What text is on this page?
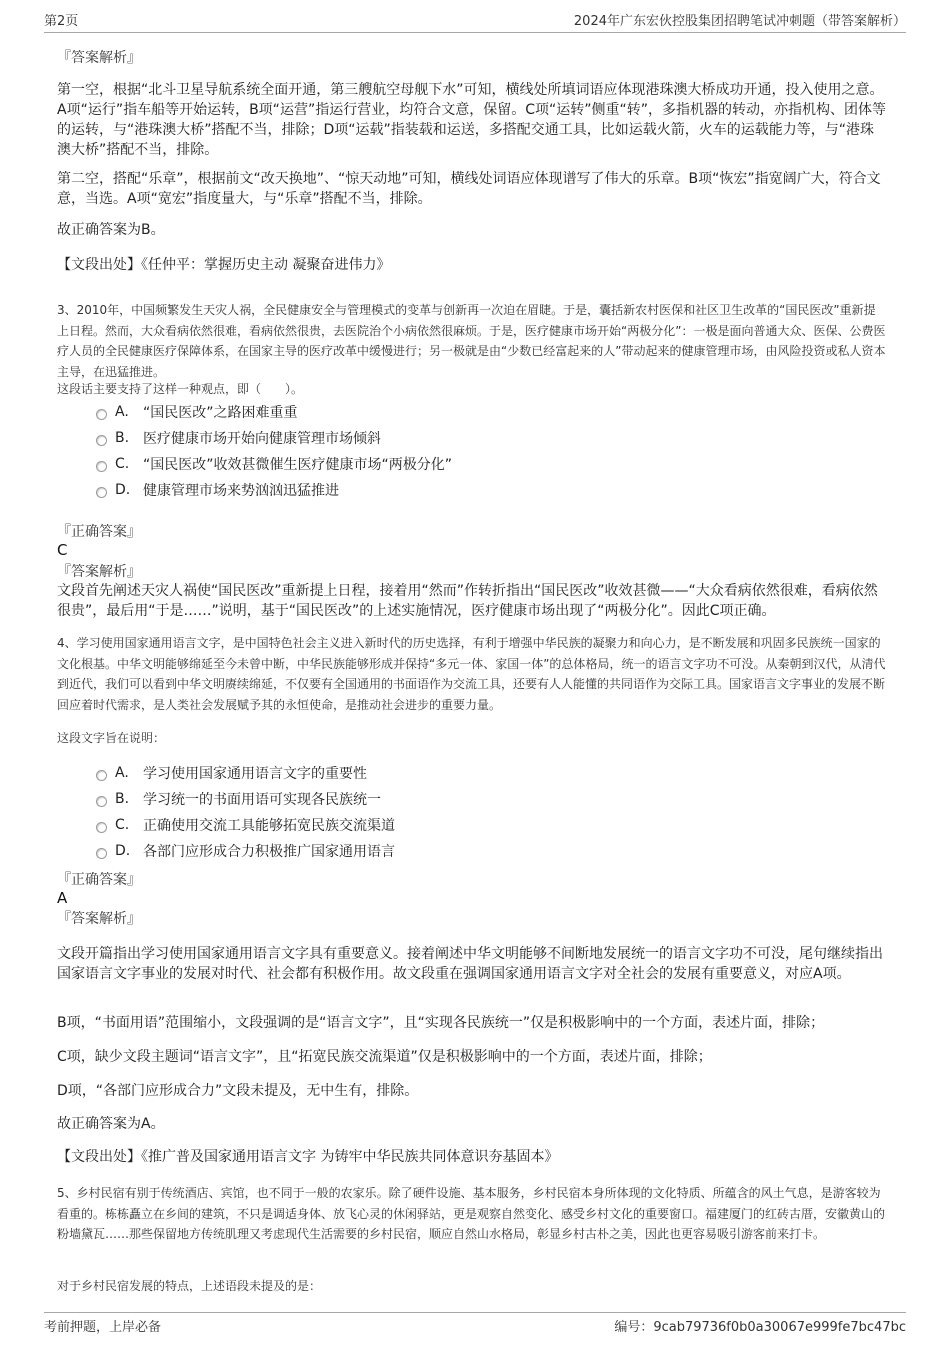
第2页	2024年广东宏伙控股集团招聘笔试冲刺题（带答案解析）
『答案解析』
第一空，根据“北斗卫星导航系统全面开通，第三艘航空母舰下水”可知，横线处所填词语应体现港珠澳大桥成功开通，投入使用之意。A项“运行”指车船等开始运转，B项“运营”指运行营业，均符合文意，保留。C项“运转”侧重“转”，多指机器的转动，亦指机构、团体等的运转，与“港珠澳大桥”搭配不当，排除；D项“运载”指装载和运送，多搭配交通工具，比如运载火箭，火车的运载能力等，与“港珠澳大桥”搭配不当，排除。
第二空，搭配“乐章”，根据前文“改天换地”、“惊天动地”可知，横线处词语应体现谱写了伟大的乐章。B项“恢宏”指宽阔广大，符合文意，当选。A项“宽宏”指度量大，与“乐章”搭配不当，排除。
故正确答案为B。
【文段出处】《任仲平：掌握历史主动 凝聚奋进伟力》
3、2010年，中国频繁发生天灾人祸，全民健康安全与管理模式的变革与创新再一次迫在眉睫。于是，囊括新农村医保和社区卫生改革的“国民医改”重新提上日程。然而，大众看病依然很难，看病依然很贵，去医院治个小病依然很麻烦。于是，医疗健康市场开始“两极分化”：一极是面向普通大众、医保、公费医疗人员的全民健康医疗保障体系，在国家主导的医疗改革中缓慢进行；另一极就是由“少数已经富起来的人”带动起来的健康管理市场，由风险投资或私人资本主导，在迅猛推进。
这段话主要支持了这样一种观点，即（　　）。
A.	“国民医改”之路困难重重
B. 医疗健康市场开始向健康管理市场倾斜
C. “国民医改”收效甚微催生医疗健康市场“两极分化”
D. 健康管理市场来势汹汹迅猛推进
『正确答案』
C
『答案解析』
文段首先阐述天灾人祸使“国民医改”重新提上日程，接着用“然而”作转折指出“国民医改”收效甚微——“大众看病依然很难，看病依然很贵”，最后用“于是……”说明，基于“国民医改”的上述实施情况，医疗健康市场出现了“两极分化”。因此C项正确。
4、学习使用国家通用语言文字，是中国特色社会主义进入新时代的历史选择，有利于增强中华民族的凝聚力和向心力，是不断发展和巩固多民族统一国家的文化根基。中华文明能够绵延至今未曾中断，中华民族能够形成并保持“多元一体、家国一体”的总体格局，统一的语言文字功不可没。从秦朝到汉代，从清代到近代，我们可以看到中华文明赓续绵延，不仅要有全国通用的书面语作为交流工具，还要有人人能懂的共同语作为交际工具。国家语言文字事业的发展不断回应着时代需求，是人类社会发展赋予其的永恒使命，是推动社会进步的重要力量。
这段文字旨在说明：
A.	学习使用国家通用语言文字的重要性
B. 学习统一的书面用语可实现各民族统一
C. 正确使用交流工具能够拓宽民族交流渠道
D. 各部门应形成合力积极推广国家通用语言
『正确答案』
A
『答案解析』
文段开篇指出学习使用国家通用语言文字具有重要意义。接着阐述中华文明能够不间断地发展统一的语言文字功不可没，尾句继续指出国家语言文字事业的发展对时代、社会都有积极作用。故文段重在强调国家通用语言文字对全社会的发展有重要意义，对应A项。
B项，“书面用语”范围缩小，文段强调的是“语言文字”，且“实现各民族统一”仅是积极影响中的一个方面，表述片面，排除；
C项，缺少文段主题词“语言文字”，且“拓宽民族交流渠道”仅是积极影响中的一个方面，表述片面，排除；
D项，“各部门应形成合力”文段未提及，无中生有，排除。
故正确答案为A。
【文段出处】《推广普及国家通用语言文字 为铸牢中华民族共同体意识夯基固本》
5、乡村民宿有别于传统酒店、宾馆，也不同于一般的农家乐。除了硬件设施、基本服务，乡村民宿本身所体现的文化特质、所蕴含的风土气息，是游客较为看重的。栋栋矗立在乡间的建筑，不只是调适身体、放飞心灵的休闲驿站，更是观察自然变化、感受乡村文化的重要窗口。福建厦门的红砖古厝，安徽黄山的粉墙黛瓦……那些保留地方传统肌理又考虑现代生活需要的乡村民宿，顺应自然山水格局，彰显乡村古朴之美，因此也更容易吸引游客前来打卡。
对于乡村民宿发展的特点，上述语段未提及的是：
考前押题，上岸必备	编号：9cab79736f0b0a30067e999fe7bc47bc
